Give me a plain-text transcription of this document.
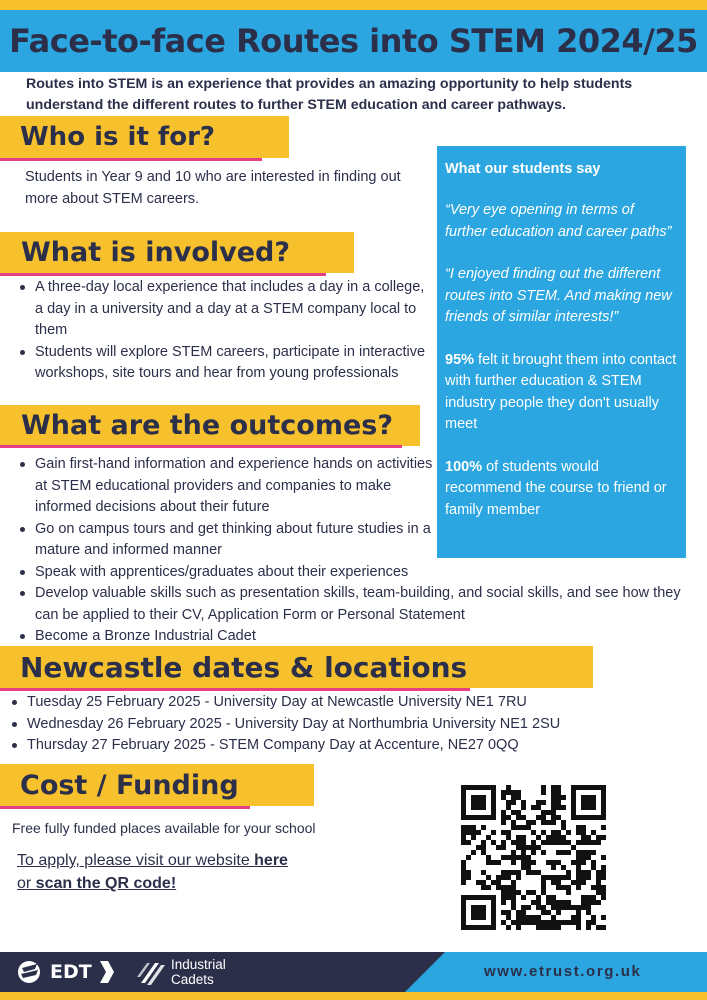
Face-to-face Routes into STEM 2024/25

Routes into STEM is an experience that provides an amazing opportunity to help students understand the different routes to further STEM education and career pathways.

Who is it for?

Students in Year 9 and 10 who are interested in finding out more about STEM careers.

What is involved?
A three-day local experience that includes a day in a college, a day in a university and a day at a STEM company local to them
Students will explore STEM careers, participate in interactive workshops, site tours and hear from young professionals
What are the outcomes?
Gain first-hand information and experience hands on activities at STEM educational providers and companies to make informed decisions about their future
Go on campus tours and get thinking about future studies in a mature and informed manner
Speak with apprentices/graduates about their experiences
Develop valuable skills such as presentation skills, team-building, and social skills, and see how they can be applied to their CV, Application Form or Personal Statement
Become a Bronze Industrial Cadet

What our students say

“Very eye opening in terms of further education and career paths”

“I enjoyed finding out the different routes into STEM. And making new friends of similar interests!”

95% felt it brought them into contact with further education & STEM industry people they don't usually meet

100% of students would recommend the course to friend or family member

Newcastle dates & locations
Tuesday 25 February 2025 - University Day at Newcastle University NE1 7RU
Wednesday 26 February 2025 - University Day at Northumbria University NE1 2SU
Thursday 27 February 2025 - STEM Company Day at Accenture, NE27 0QQ
Cost / Funding

Free fully funded places available for your school

To apply, please visit our website here
or scan the QR code!
www.etrust.org.uk
EDT	Industrial
Cadets
